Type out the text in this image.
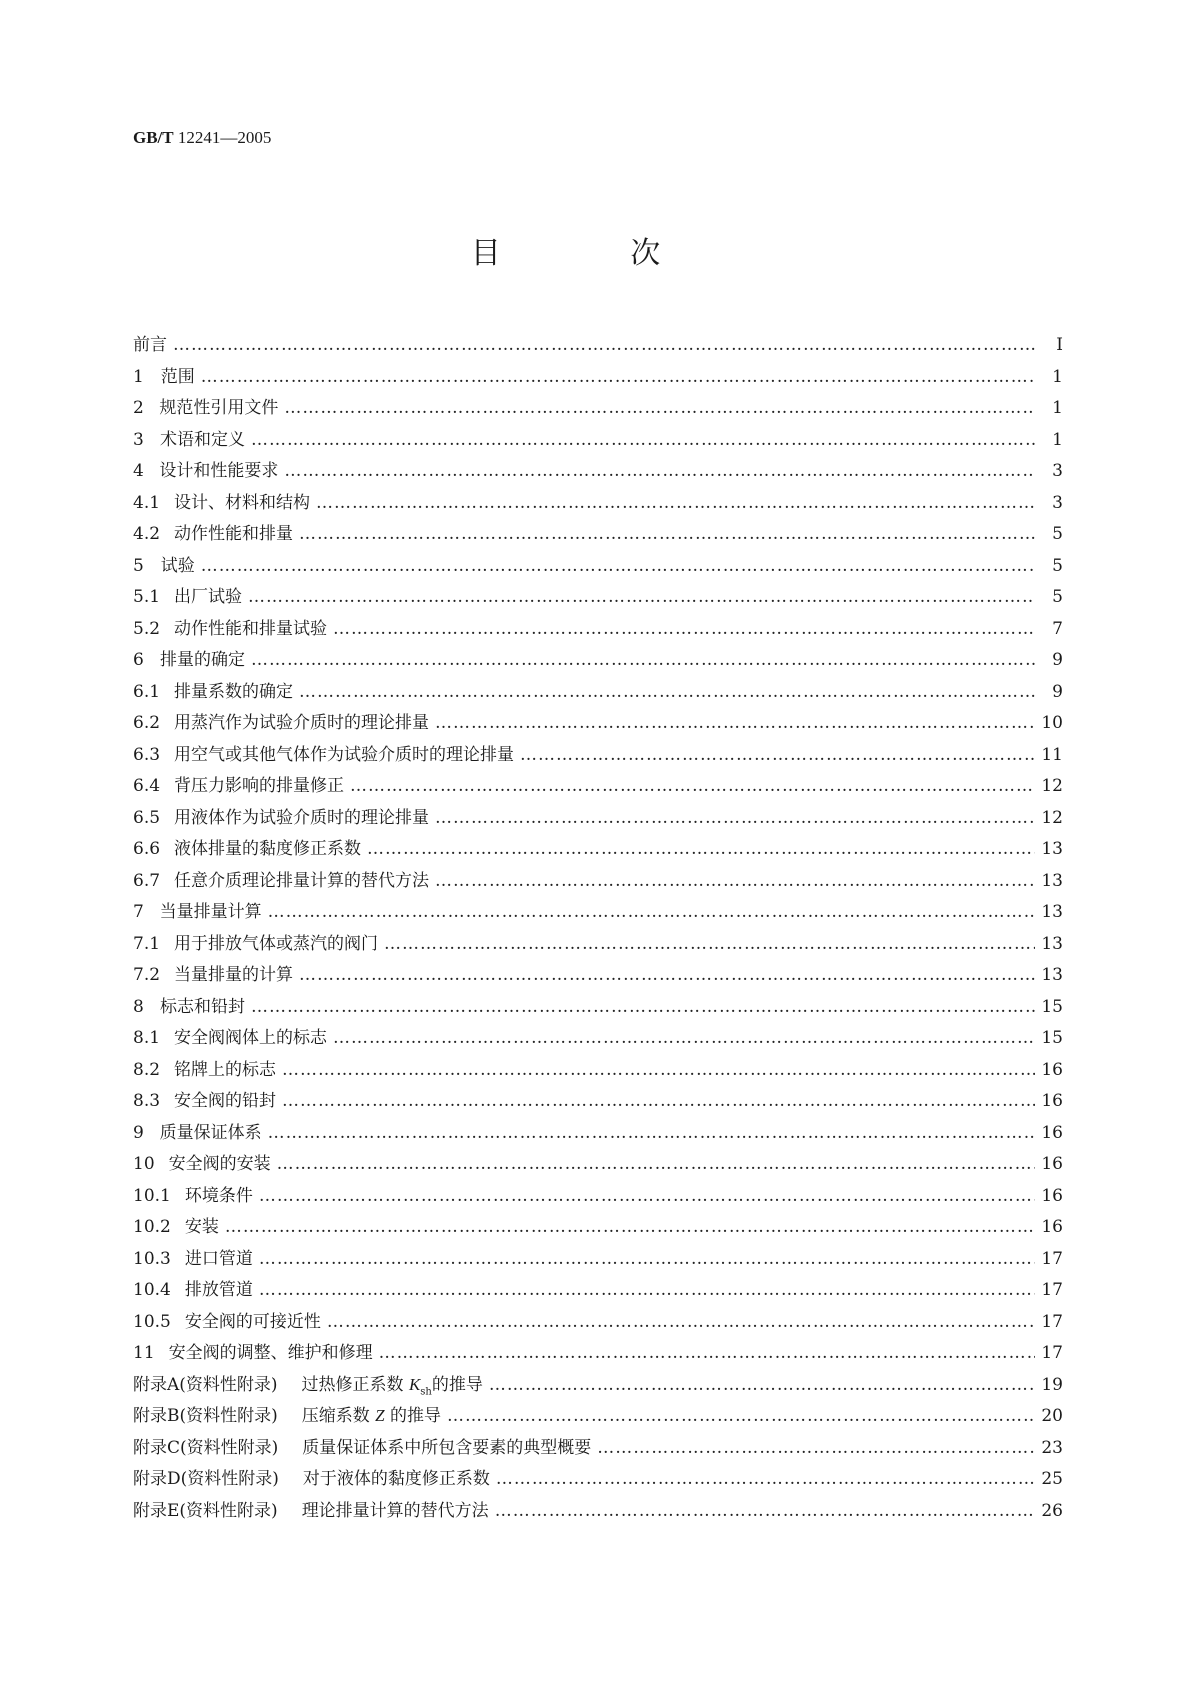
GB/T 12241—2005
目 次
前言 ……………………………………………………………………………………………………………………………………………………………………………………………………	Ⅰ
1 范围 ……………………………………………………………………………………………………………………………………………………………………………………………………	1
2 规范性引用文件 ……………………………………………………………………………………………………………………………………………………………………………………………………	1
3 术语和定义 ……………………………………………………………………………………………………………………………………………………………………………………………………	1
4 设计和性能要求 ……………………………………………………………………………………………………………………………………………………………………………………………………	3
4.1 设计、材料和结构 ……………………………………………………………………………………………………………………………………………………………………………………………………	3
4.2 动作性能和排量 ……………………………………………………………………………………………………………………………………………………………………………………………………	5
5 试验 ……………………………………………………………………………………………………………………………………………………………………………………………………	5
5.1 出厂试验 ……………………………………………………………………………………………………………………………………………………………………………………………………	5
5.2 动作性能和排量试验 ……………………………………………………………………………………………………………………………………………………………………………………………………	7
6 排量的确定 ……………………………………………………………………………………………………………………………………………………………………………………………………	9
6.1 排量系数的确定 ……………………………………………………………………………………………………………………………………………………………………………………………………	9
6.2 用蒸汽作为试验介质时的理论排量 ……………………………………………………………………………………………………………………………………………………………………………………………………	10
6.3 用空气或其他气体作为试验介质时的理论排量 ……………………………………………………………………………………………………………………………………………………………………………………………………	11
6.4 背压力影响的排量修正 ……………………………………………………………………………………………………………………………………………………………………………………………………	12
6.5 用液体作为试验介质时的理论排量 ……………………………………………………………………………………………………………………………………………………………………………………………………	12
6.6 液体排量的黏度修正系数 ……………………………………………………………………………………………………………………………………………………………………………………………………	13
6.7 任意介质理论排量计算的替代方法 ……………………………………………………………………………………………………………………………………………………………………………………………………	13
7 当量排量计算 ……………………………………………………………………………………………………………………………………………………………………………………………………	13
7.1 用于排放气体或蒸汽的阀门 ……………………………………………………………………………………………………………………………………………………………………………………………………	13
7.2 当量排量的计算 ……………………………………………………………………………………………………………………………………………………………………………………………………	13
8 标志和铅封 ……………………………………………………………………………………………………………………………………………………………………………………………………	15
8.1 安全阀阀体上的标志 ……………………………………………………………………………………………………………………………………………………………………………………………………	15
8.2 铭牌上的标志 ……………………………………………………………………………………………………………………………………………………………………………………………………	16
8.3 安全阀的铅封 ……………………………………………………………………………………………………………………………………………………………………………………………………	16
9 质量保证体系 ……………………………………………………………………………………………………………………………………………………………………………………………………	16
10 安全阀的安装 ……………………………………………………………………………………………………………………………………………………………………………………………………	16
10.1 环境条件 ……………………………………………………………………………………………………………………………………………………………………………………………………	16
10.2 安装 ……………………………………………………………………………………………………………………………………………………………………………………………………	16
10.3 进口管道 ……………………………………………………………………………………………………………………………………………………………………………………………………	17
10.4 排放管道 ……………………………………………………………………………………………………………………………………………………………………………………………………	17
10.5 安全阀的可接近性 ……………………………………………………………………………………………………………………………………………………………………………………………………	17
11 安全阀的调整、维护和修理 ……………………………………………………………………………………………………………………………………………………………………………………………………	17
附录A(资料性附录) 过热修正系数 $K_{sh}$的推导 ……………………………………………………………………………………………………………………………………………………………………………………………………	19
附录B(资料性附录) 压缩系数 Z 的推导 ……………………………………………………………………………………………………………………………………………………………………………………………………	20
附录C(资料性附录) 质量保证体系中所包含要素的典型概要 ……………………………………………………………………………………………………………………………………………………………………………………………………	23
附录D(资料性附录) 对于液体的黏度修正系数 ……………………………………………………………………………………………………………………………………………………………………………………………………	25
附录E(资料性附录) 理论排量计算的替代方法 ……………………………………………………………………………………………………………………………………………………………………………………………………	26
